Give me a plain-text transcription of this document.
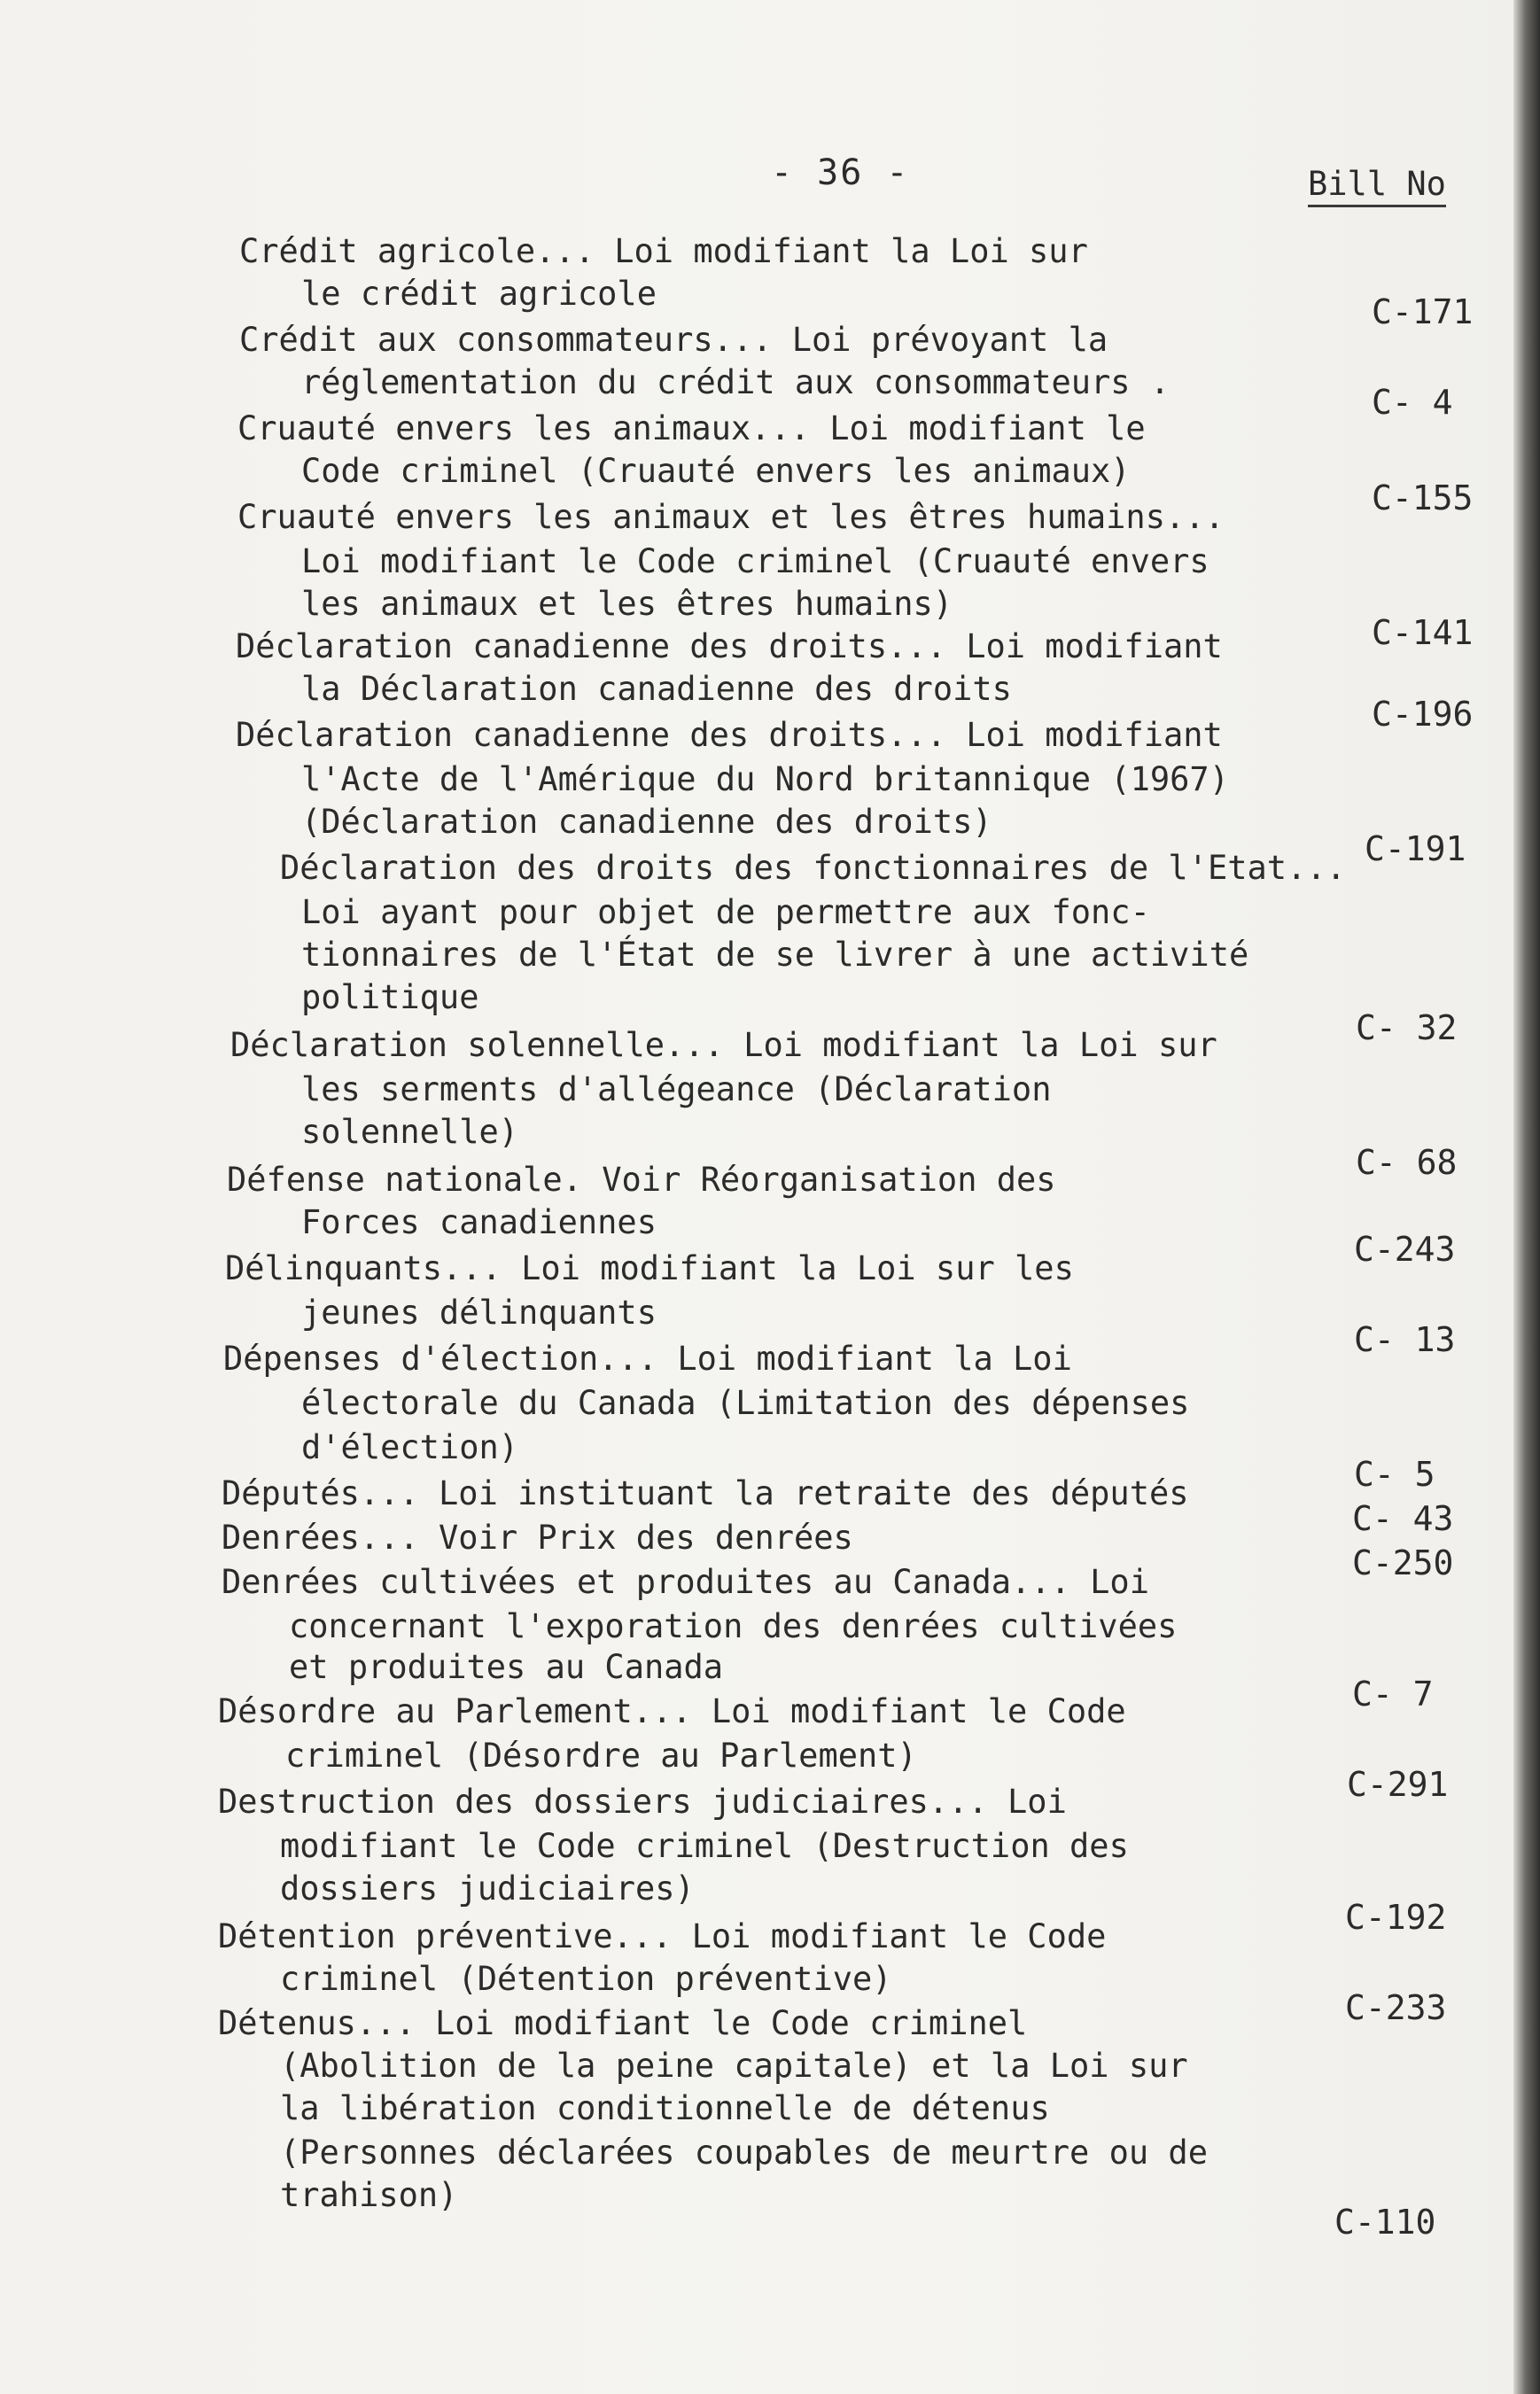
- 36 -	Bill No
Crédit agricole... Loi modifiant la Loi sur
le crédit agricole	C-171
Crédit aux consommateurs... Loi prévoyant la
réglementation du crédit aux consommateurs .
C- 4
Cruauté envers les animaux... Loi modifiant le
Code criminel (Cruauté envers les animaux)
C-155
Cruauté envers les animaux et les êtres humains...
Loi modifiant le Code criminel (Cruauté envers
les animaux et les êtres humains)
C-141
Déclaration canadienne des droits... Loi modifiant
la Déclaration canadienne des droits
C-196
Déclaration canadienne des droits... Loi modifiant
l'Acte de l'Amérique du Nord britannique (1967)
(Déclaration canadienne des droits)
C-191
Déclaration des droits des fonctionnaires de l'Etat...
Loi ayant pour objet de permettre aux fonc-
tionnaires de l'État de se livrer à une activité
politique
C- 32
Déclaration solennelle... Loi modifiant la Loi sur
les serments d'allégeance (Déclaration
solennelle)
C- 68
Défense nationale. Voir Réorganisation des
Forces canadiennes
C-243
Délinquants... Loi modifiant la Loi sur les
jeunes délinquants
C- 13
Dépenses d'élection... Loi modifiant la Loi
électorale du Canada (Limitation des dépenses
d'élection)
C- 5
Députés... Loi instituant la retraite des députés
C- 43
Denrées... Voir Prix des denrées
C-250
Denrées cultivées et produites au Canada... Loi
concernant l'exporation des denrées cultivées
et produites au Canada
C- 7
Désordre au Parlement... Loi modifiant le Code
criminel (Désordre au Parlement)
C-291
Destruction des dossiers judiciaires... Loi
modifiant le Code criminel (Destruction des
dossiers judiciaires)
C-192
Détention préventive... Loi modifiant le Code
criminel (Détention préventive)
C-233
Détenus... Loi modifiant le Code criminel
(Abolition de la peine capitale) et la Loi sur
la libération conditionnelle de détenus
(Personnes déclarées coupables de meurtre ou de
trahison)
C-110
